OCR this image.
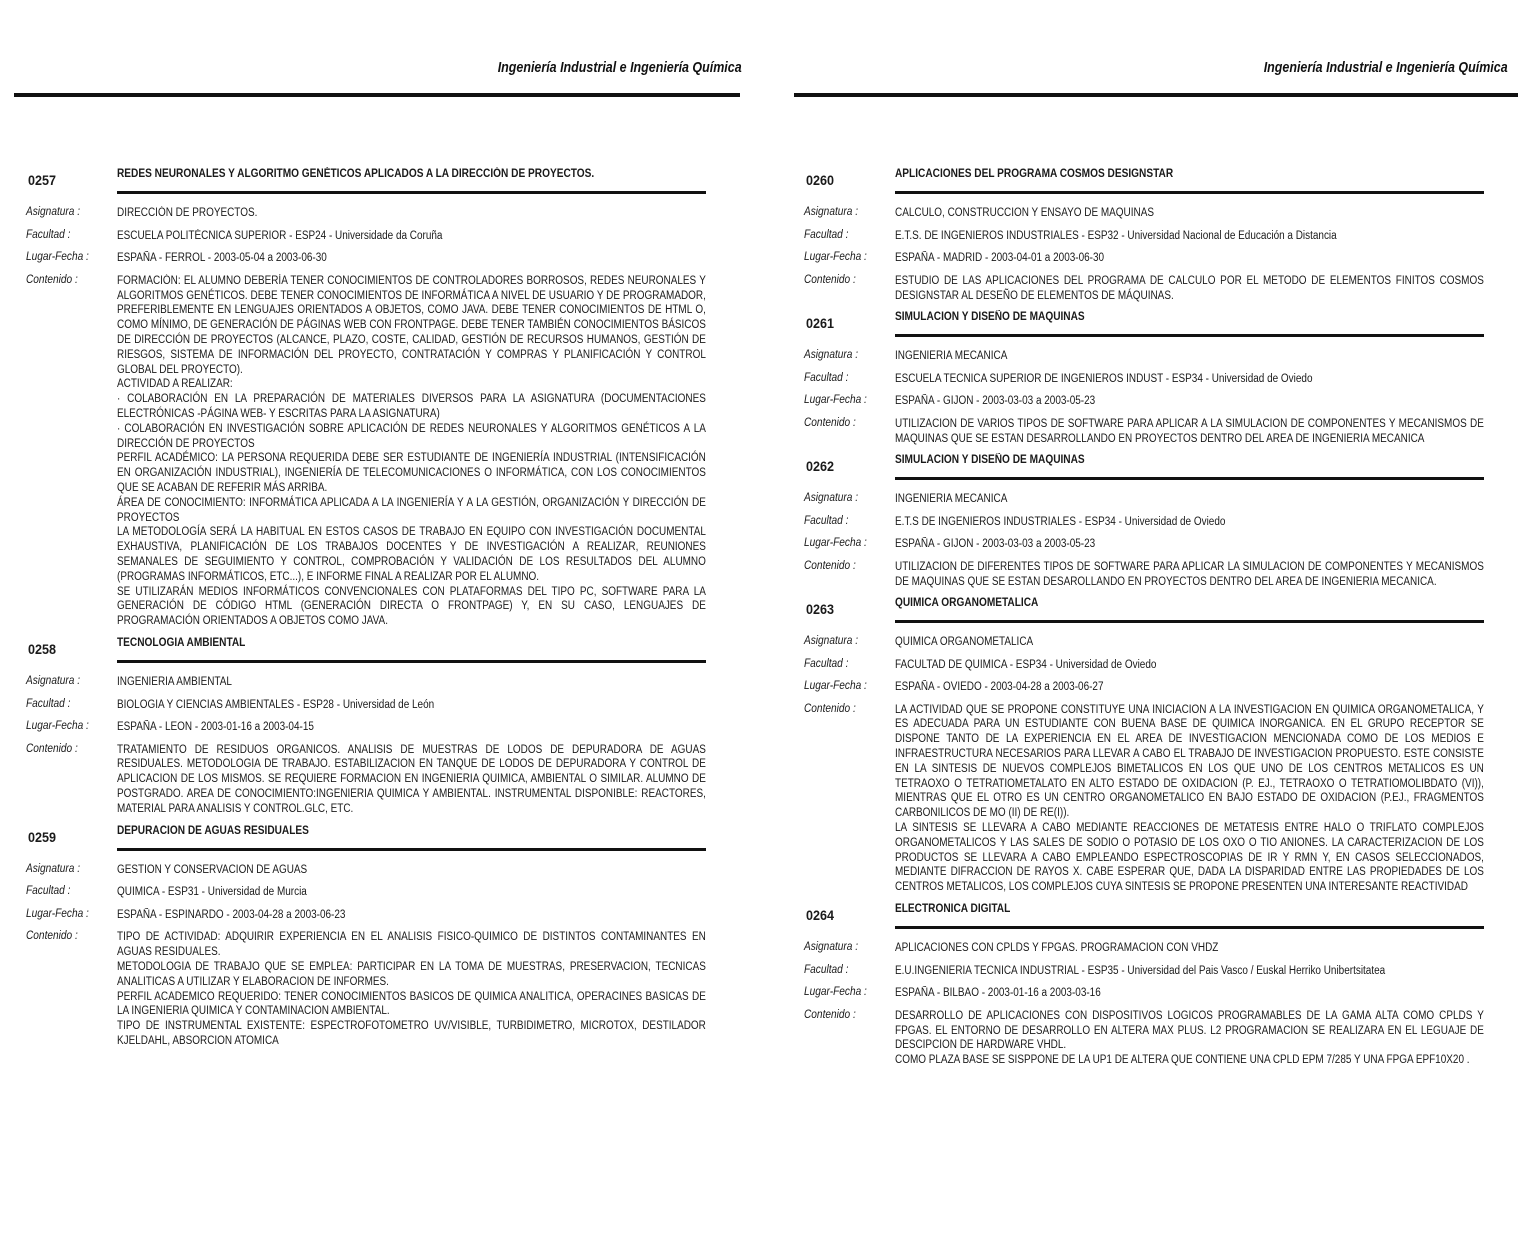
Ingeniería Industrial e Ingeniería Química
0257	REDES NEURONALES Y ALGORITMO GENÉTICOS APLICADOS A LA DIRECCIÓN DE PROYECTOS.
Asignatura :	DIRECCIÓN DE PROYECTOS.
Facultad :	ESCUELA POLITÉCNICA SUPERIOR - ESP24 - Universidade da Coruña
Lugar-Fecha : ESPAÑA - FERROL - 2003-05-04 a 2003-06-30
Contenido :	FORMACIÓN: EL ALUMNO DEBERÍA TENER CONOCIMIENTOS DE CONTROLADORES BORROSOS, REDES NEURONALES Y ALGORITMOS GENÉTICOS. DEBE TENER CONOCIMIENTOS DE INFORMÁTICA A NIVEL DE USUARIO Y DE PROGRAMADOR, PREFERIBLEMENTE EN LENGUAJES ORIENTADOS A OBJETOS, COMO JAVA. DEBE TENER CONOCIMIENTOS DE HTML O, COMO MÍNIMO, DE GENERACIÓN DE PÁGINAS WEB CON FRONTPAGE. DEBE TENER TAMBIÉN CONOCIMIENTOS BÁSICOS DE DIRECCIÓN DE PROYECTOS (ALCANCE, PLAZO, COSTE, CALIDAD, GESTIÓN DE RECURSOS HUMANOS, GESTIÓN DE RIESGOS, SISTEMA DE INFORMACIÓN DEL PROYECTO, CONTRATACIÓN Y COMPRAS Y PLANIFICACIÓN Y CONTROL GLOBAL DEL PROYECTO).
ACTIVIDAD A REALIZAR:
· COLABORACIÓN EN LA PREPARACIÓN DE MATERIALES DIVERSOS PARA LA ASIGNATURA (DOCUMENTACIONES ELECTRÓNICAS -PÁGINA WEB- Y ESCRITAS PARA LA ASIGNATURA)
· COLABORACIÓN EN INVESTIGACIÓN SOBRE APLICACIÓN DE REDES NEURONALES Y ALGORITMOS GENÉTICOS A LA DIRECCIÓN DE PROYECTOS
PERFIL ACADÉMICO: LA PERSONA REQUERIDA DEBE SER ESTUDIANTE DE INGENIERÍA INDUSTRIAL (INTENSIFICACIÓN EN ORGANIZACIÓN INDUSTRIAL), INGENIERÍA DE TELECOMUNICACIONES O INFORMÁTICA, CON LOS CONOCIMIENTOS QUE SE ACABAN DE REFERIR MÁS ARRIBA.
ÁREA DE CONOCIMIENTO: INFORMÁTICA APLICADA A LA INGENIERÍA Y A LA GESTIÓN, ORGANIZACIÓN Y DIRECCIÓN DE PROYECTOS
LA METODOLOGÍA SERÁ LA HABITUAL EN ESTOS CASOS DE TRABAJO EN EQUIPO CON INVESTIGACIÓN DOCUMENTAL EXHAUSTIVA, PLANIFICACIÓN DE LOS TRABAJOS DOCENTES Y DE INVESTIGACIÓN A REALIZAR, REUNIONES SEMANALES DE SEGUIMIENTO Y CONTROL, COMPROBACIÓN Y VALIDACIÓN DE LOS RESULTADOS DEL ALUMNO (PROGRAMAS INFORMÁTICOS, ETC...), E INFORME FINAL A REALIZAR POR EL ALUMNO.
SE UTILIZARÁN MEDIOS INFORMÁTICOS CONVENCIONALES CON PLATAFORMAS DEL TIPO PC, SOFTWARE PARA LA GENERACIÓN DE CÓDIGO HTML (GENERACIÓN DIRECTA O FRONTPAGE) Y, EN SU CASO, LENGUAJES DE PROGRAMACIÓN ORIENTADOS A OBJETOS COMO JAVA.
0258	TECNOLOGIA AMBIENTAL
Asignatura :	INGENIERIA AMBIENTAL
Facultad :	BIOLOGIA Y CIENCIAS AMBIENTALES - ESP28 - Universidad de León
Lugar-Fecha : ESPAÑA - LEON - 2003-01-16 a 2003-04-15
Contenido :	TRATAMIENTO DE RESIDUOS ORGANICOS. ANALISIS DE MUESTRAS DE LODOS DE DEPURADORA DE AGUAS RESIDUALES. METODOLOGIA DE TRABAJO. ESTABILIZACION EN TANQUE DE LODOS DE DEPURADORA Y CONTROL DE APLICACION DE LOS MISMOS. SE REQUIERE FORMACION EN INGENIERIA QUIMICA, AMBIENTAL O SIMILAR. ALUMNO DE POSTGRADO. AREA DE CONOCIMIENTO:INGENIERIA QUIMICA Y AMBIENTAL. INSTRUMENTAL DISPONIBLE: REACTORES, MATERIAL PARA ANALISIS Y CONTROL.GLC, ETC.
0259	DEPURACION DE AGUAS RESIDUALES
Asignatura :	GESTION Y CONSERVACION DE AGUAS
Facultad :	QUIMICA - ESP31 - Universidad de Murcia
Lugar-Fecha : ESPAÑA - ESPINARDO - 2003-04-28 a 2003-06-23
Contenido :	TIPO DE ACTIVIDAD: ADQUIRIR EXPERIENCIA EN EL ANALISIS FISICO-QUIMICO DE DISTINTOS CONTAMINANTES EN AGUAS RESIDUALES.
METODOLOGIA DE TRABAJO QUE SE EMPLEA: PARTICIPAR EN LA TOMA DE MUESTRAS, PRESERVACION, TECNICAS ANALITICAS A UTILIZAR Y ELABORACION DE INFORMES.
PERFIL ACADEMICO REQUERIDO: TENER CONOCIMIENTOS BASICOS DE QUIMICA ANALITICA, OPERACINES BASICAS DE LA INGENIERIA QUIMICA Y CONTAMINACION AMBIENTAL.
TIPO DE INSTRUMENTAL EXISTENTE: ESPECTROFOTOMETRO UV/VISIBLE, TURBIDIMETRO, MICROTOX, DESTILADOR KJELDAHL, ABSORCION ATOMICA
Ingeniería Industrial e Ingeniería Química
0260	APLICACIONES DEL PROGRAMA COSMOS DESIGNSTAR
Asignatura :	CALCULO, CONSTRUCCION Y ENSAYO DE MAQUINAS
Facultad :	E.T.S. DE INGENIEROS INDUSTRIALES - ESP32 - Universidad Nacional de Educación a Distancia
Lugar-Fecha : ESPAÑA - MADRID - 2003-04-01 a 2003-06-30
Contenido :	ESTUDIO DE LAS APLICACIONES DEL PROGRAMA DE CALCULO POR EL METODO DE ELEMENTOS FINITOS COSMOS DESIGNSTAR AL DESEÑO DE ELEMENTOS DE MÁQUINAS.
0261	SIMULACION Y DISEÑO DE MAQUINAS
Asignatura :	INGENIERIA MECANICA
Facultad :	ESCUELA TECNICA SUPERIOR DE INGENIEROS INDUST - ESP34 - Universidad de Oviedo
Lugar-Fecha : ESPAÑA - GIJON - 2003-03-03 a 2003-05-23
Contenido :	UTILIZACION DE VARIOS TIPOS DE SOFTWARE PARA APLICAR A LA SIMULACION DE COMPONENTES Y MECANISMOS DE MAQUINAS QUE SE ESTAN DESARROLLANDO EN PROYECTOS DENTRO DEL AREA DE INGENIERIA MECANICA
0262	SIMULACION Y DISEÑO DE MAQUINAS
Asignatura :	INGENIERIA MECANICA
Facultad :	E.T.S DE INGENIEROS INDUSTRIALES - ESP34 - Universidad de Oviedo
Lugar-Fecha : ESPAÑA - GIJON - 2003-03-03 a 2003-05-23
Contenido :	UTILIZACION DE DIFERENTES TIPOS DE SOFTWARE PARA APLICAR LA SIMULACION DE COMPONENTES Y MECANISMOS DE MAQUINAS QUE SE ESTAN DESAROLLANDO EN PROYECTOS DENTRO DEL AREA DE INGENIERIA MECANICA.
0263	QUIMICA ORGANOMETALICA
Asignatura :	QUIMICA ORGANOMETALICA
Facultad :	FACULTAD DE QUIMICA - ESP34 - Universidad de Oviedo
Lugar-Fecha : ESPAÑA - OVIEDO - 2003-04-28 a 2003-06-27
Contenido :	LA ACTIVIDAD QUE SE PROPONE CONSTITUYE UNA INICIACION A LA INVESTIGACION EN QUIMICA ORGANOMETALICA, Y ES ADECUADA PARA UN ESTUDIANTE CON BUENA BASE DE QUIMICA INORGANICA. EN EL GRUPO RECEPTOR SE DISPONE TANTO DE LA EXPERIENCIA EN EL AREA DE INVESTIGACION MENCIONADA COMO DE LOS MEDIOS E INFRAESTRUCTURA NECESARIOS PARA LLEVAR A CABO EL TRABAJO DE INVESTIGACION PROPUESTO. ESTE CONSISTE EN LA SINTESIS DE NUEVOS COMPLEJOS BIMETALICOS EN LOS QUE UNO DE LOS CENTROS METALICOS ES UN TETRAOXO O TETRATIOMETALATO EN ALTO ESTADO DE OXIDACION (P. EJ., TETRAOXO O TETRATIOMOLIBDATO (VI)), MIENTRAS QUE EL OTRO ES UN CENTRO ORGANOMETALICO EN BAJO ESTADO DE OXIDACION (P.EJ., FRAGMENTOS CARBONILICOS DE MO (II) DE RE(I)).
LA SINTESIS SE LLEVARA A CABO MEDIANTE REACCIONES DE METATESIS ENTRE HALO O TRIFLATO COMPLEJOS ORGANOMETALICOS Y LAS SALES DE SODIO O POTASIO DE LOS OXO O TIO ANIONES. LA CARACTERIZACION DE LOS PRODUCTOS SE LLEVARA A CABO EMPLEANDO ESPECTROSCOPIAS DE IR Y RMN Y, EN CASOS SELECCIONADOS, MEDIANTE DIFRACCION DE RAYOS X. CABE ESPERAR QUE, DADA LA DISPARIDAD ENTRE LAS PROPIEDADES DE LOS CENTROS METALICOS, LOS COMPLEJOS CUYA SINTESIS SE PROPONE PRESENTEN UNA INTERESANTE REACTIVIDAD
0264	ELECTRONICA DIGITAL
Asignatura :	APLICACIONES CON CPLDS Y FPGAS. PROGRAMACION CON VHDZ
Facultad :	E.U.INGENIERIA TECNICA INDUSTRIAL - ESP35 - Universidad del Pais Vasco / Euskal Herriko Unibertsitatea
Lugar-Fecha : ESPAÑA - BILBAO - 2003-01-16 a 2003-03-16
Contenido :	DESARROLLO DE APLICACIONES CON DISPOSITIVOS LOGICOS PROGRAMABLES DE LA GAMA ALTA COMO CPLDS Y FPGAS. EL ENTORNO DE DESARROLLO EN ALTERA MAX PLUS. L2 PROGRAMACION SE REALIZARA EN EL LEGUAJE DE DESCIPCION DE HARDWARE VHDL.
COMO PLAZA BASE SE SISPPONE DE LA UP1 DE ALTERA QUE CONTIENE UNA CPLD EPM 7/285 Y UNA FPGA EPF10X20 .
